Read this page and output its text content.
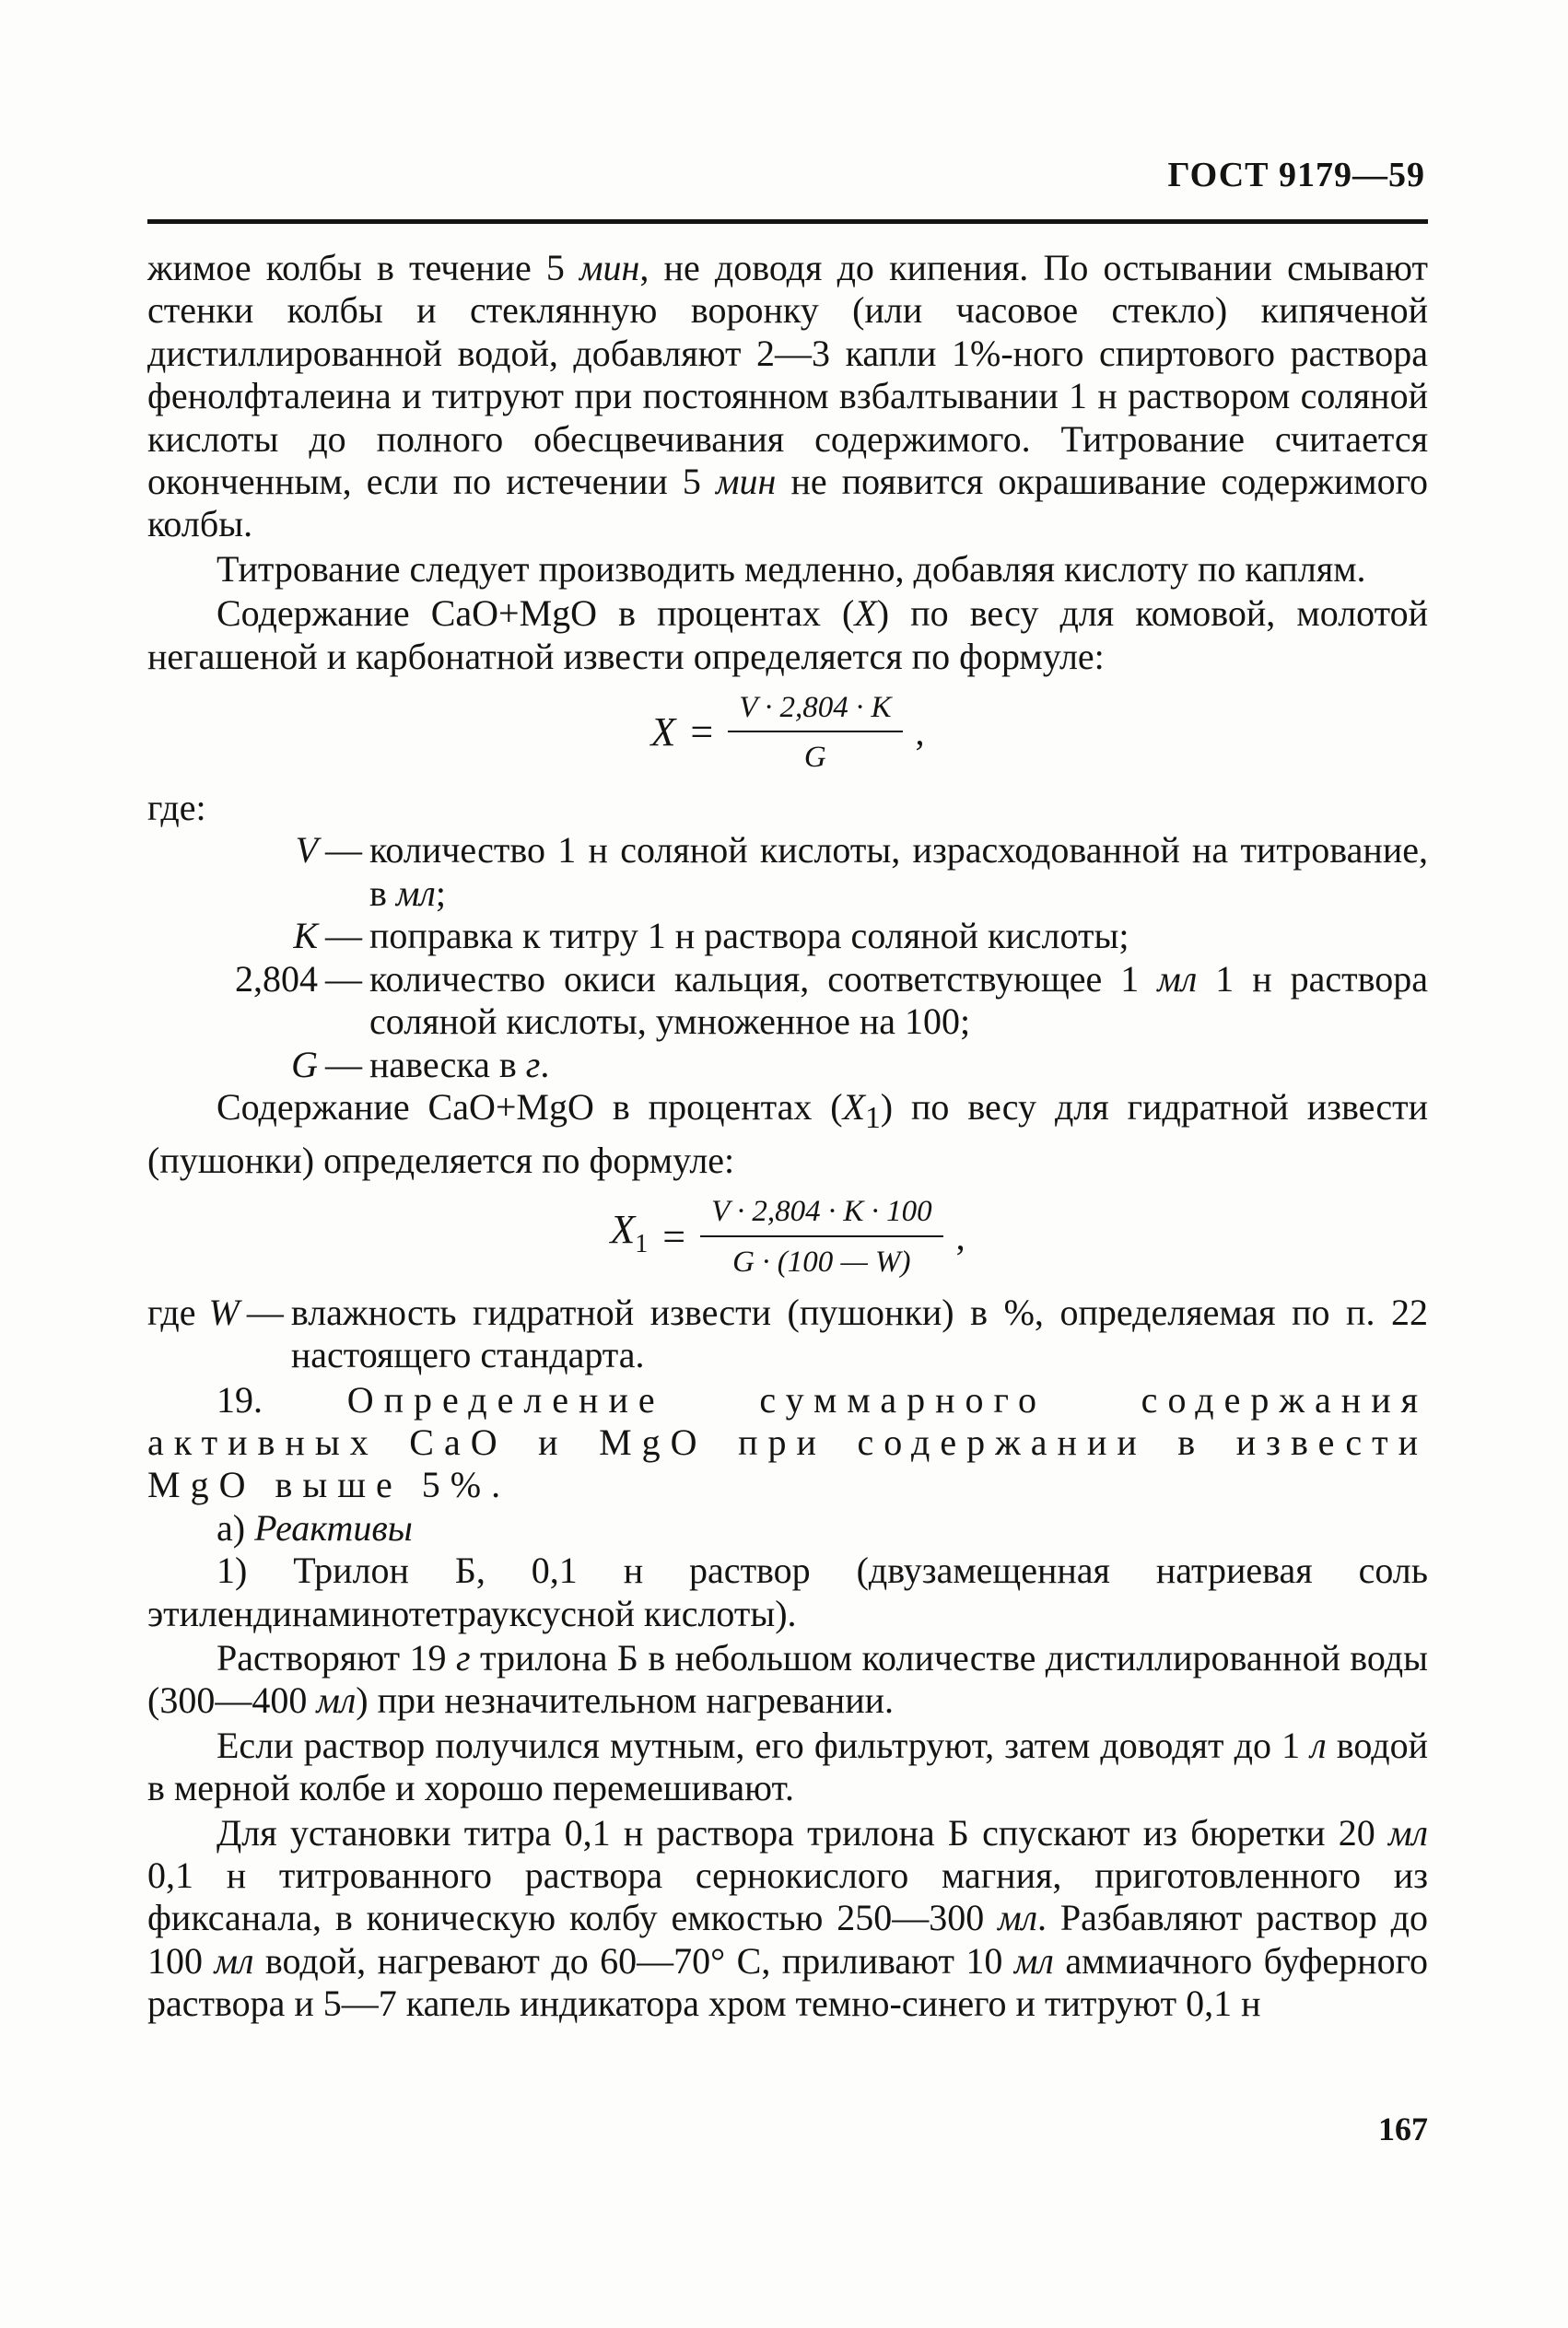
ГОСТ 9179—59

жимое колбы в течение 5 мин, не доводя до кипения. По остывании смывают стенки колбы и стеклянную воронку (или часовое стекло) кипяченой дистиллированной водой, добавляют 2—3 капли 1%-ного спиртового раствора фенолфталеина и титруют при постоянном взбалтывании 1 н раствором соляной кислоты до полного обесцвечивания содержимого. Титрование считается оконченным, если по истечении 5 мин не появится окрашивание содержимого колбы.

Титрование следует производить медленно, добавляя кислоту по каплям.

Содержание CaO+MgO в процентах (X) по весу для комовой, молотой негашеной и карбонатной извести определяется по формуле:

$X = \frac{V \cdot 2,804 \cdot K}{G}$ ,

где:

V — количество 1 н соляной кислоты, израсходованной на титрование, в мл;
K — поправка к титру 1 н раствора соляной кислоты;
2,804 — количество окиси кальция, соответствующее 1 мл 1 н раствора соляной кислоты, умноженное на 100;
G — навеска в г.

Содержание CaO+MgO в процентах $(X_1)$ по весу для гидратной извести (пушонки) определяется по формуле:

$X_1 = \frac{V \cdot 2,804 \cdot K \cdot 100}{G \cdot (100 — W)}$ ,
где W — влажность гидратной извести (пушонки) в %, определяемая по п. 22 настоящего стандарта.

19. Определение суммарного содержания активных CaO и MgO при содержании в извести MgO выше 5%.

а) Реактивы

1) Трилон Б, 0,1 н раствор (двузамещенная натриевая соль этилендинаминотетрауксусной кислоты).

Растворяют 19 г трилона Б в небольшом количестве дистиллированной воды (300—400 мл) при незначительном нагревании.

Если раствор получился мутным, его фильтруют, затем доводят до 1 л водой в мерной колбе и хорошо перемешивают.

Для установки титра 0,1 н раствора трилона Б спускают из бюретки 20 мл 0,1 н титрованного раствора сернокислого магния, приготовленного из фиксанала, в коническую колбу емкостью 250—300 мл. Разбавляют раствор до 100 мл водой, нагревают до 60—70° С, приливают 10 мл аммиачного буферного раствора и 5—7 капель индикатора хром темно-синего и титруют 0,1 н

167
